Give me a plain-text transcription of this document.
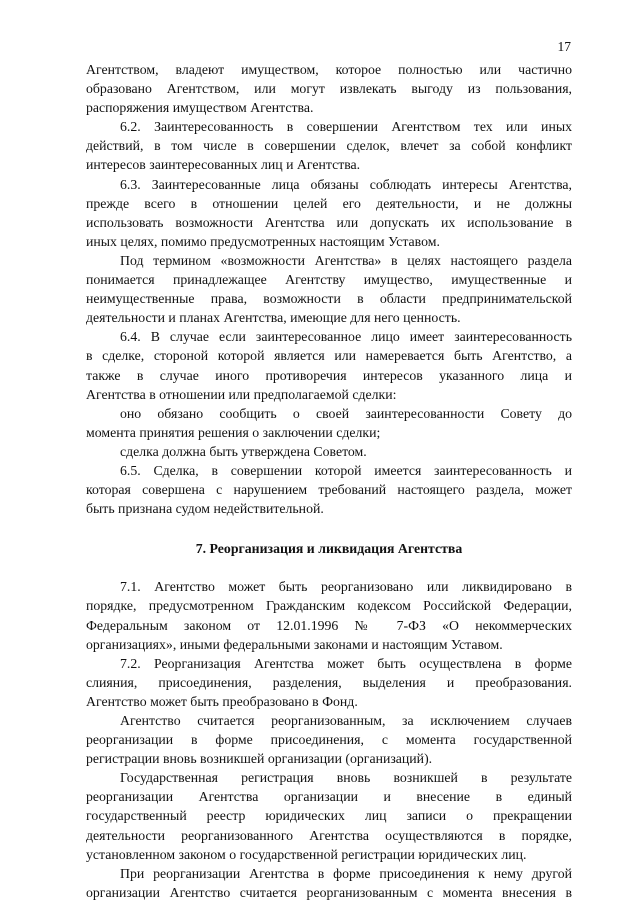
17
Агентством, владеют имуществом, которое полностью или частично
образовано Агентством, или могут извлекать выгоду из пользования,
распоряжения имуществом Агентства.
6.2. Заинтересованность в совершении Агентством тех или иных
действий, в том числе в совершении сделок, влечет за собой конфликт
интересов заинтересованных лиц и Агентства.
6.3. Заинтересованные лица обязаны соблюдать интересы Агентства,
прежде всего в отношении целей его деятельности, и не должны
использовать возможности Агентства или допускать их использование в
иных целях, помимо предусмотренных настоящим Уставом.
Под термином «возможности Агентства» в целях настоящего раздела
понимается принадлежащее Агентству имущество, имущественные и
неимущественные права, возможности в области предпринимательской
деятельности и планах Агентства, имеющие для него ценность.
6.4. В случае если заинтересованное лицо имеет заинтересованность
в сделке, стороной которой является или намеревается быть Агентство, а
также в случае иного противоречия интересов указанного лица и
Агентства в отношении или предполагаемой сделки:
оно обязано сообщить о своей заинтересованности Совету до
момента принятия решения о заключении сделки;
сделка должна быть утверждена Советом.
6.5. Сделка, в совершении которой имеется заинтересованность и
которая совершена с нарушением требований настоящего раздела, может
быть признана судом недействительной.
7. Реорганизация и ликвидация Агентства
7.1. Агентство может быть реорганизовано или ликвидировано в
порядке, предусмотренном Гражданским кодексом Российской Федерации,
Федеральным законом от 12.01.1996 № 7-ФЗ «О некоммерческих
организациях», иными федеральными законами и настоящим Уставом.
7.2. Реорганизация Агентства может быть осуществлена в форме
слияния, присоединения, разделения, выделения и преобразования.
Агентство может быть преобразовано в Фонд.
Агентство считается реорганизованным, за исключением случаев
реорганизации в форме присоединения, с момента государственной
регистрации вновь возникшей организации (организаций).
Государственная регистрация вновь возникшей в результате
реорганизации Агентства организации и внесение в единый
государственный реестр юридических лиц записи о прекращении
деятельности реорганизованного Агентства осуществляются в порядке,
установленном законом о государственной регистрации юридических лиц.
При реорганизации Агентства в форме присоединения к нему другой
организации Агентство считается реорганизованным с момента внесения в
